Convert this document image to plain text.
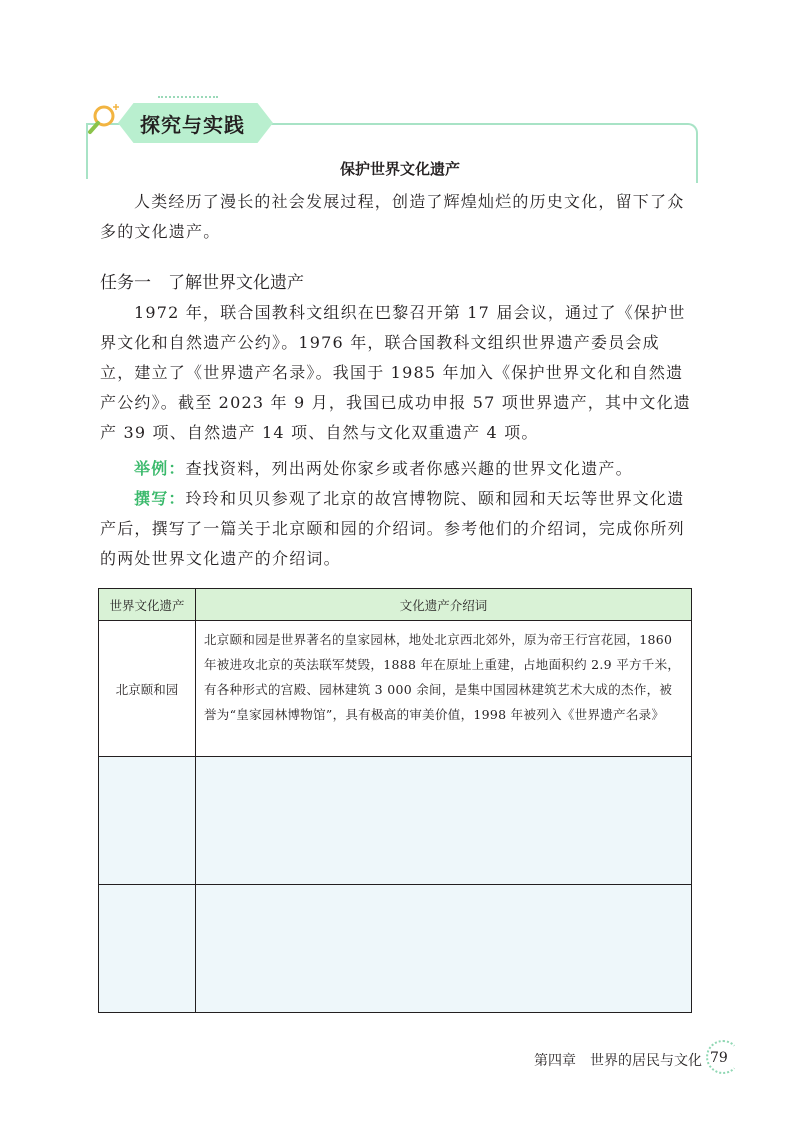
探究与实践
保护世界文化遗产
人类经历了漫长的社会发展过程，创造了辉煌灿烂的历史文化，留下了众多的文化遗产。
任务一　了解世界文化遗产
1972 年，联合国教科文组织在巴黎召开第 17 届会议，通过了《保护世界文化和自然遗产公约》。1976 年，联合国教科文组织世界遗产委员会成立，建立了《世界遗产名录》。我国于 1985 年加入《保护世界文化和自然遗产公约》。截至 2023 年 9 月，我国已成功申报 57 项世界遗产，其中文化遗产 39 项、自然遗产 14 项、自然与文化双重遗产 4 项。
举例：查找资料，列出两处你家乡或者你感兴趣的世界文化遗产。
撰写：玲玲和贝贝参观了北京的故宫博物院、颐和园和天坛等世界文化遗产后，撰写了一篇关于北京颐和园的介绍词。参考他们的介绍词，完成你所列的两处世界文化遗产的介绍词。
世界文化遗产	文化遗产介绍词
北京颐和园	北京颐和园是世界著名的皇家园林，地处北京西北郊外，原为帝王行宫花园，1860 年被进攻北京的英法联军焚毁，1888 年在原址上重建，占地面积约 2.9 平方千米，有各种形式的宫殿、园林建筑 3 000 余间，是集中国园林建筑艺术大成的杰作，被誉为“皇家园林博物馆”，具有极高的审美价值，1998 年被列入《世界遗产名录》

第四章　世界的居民与文化 79
